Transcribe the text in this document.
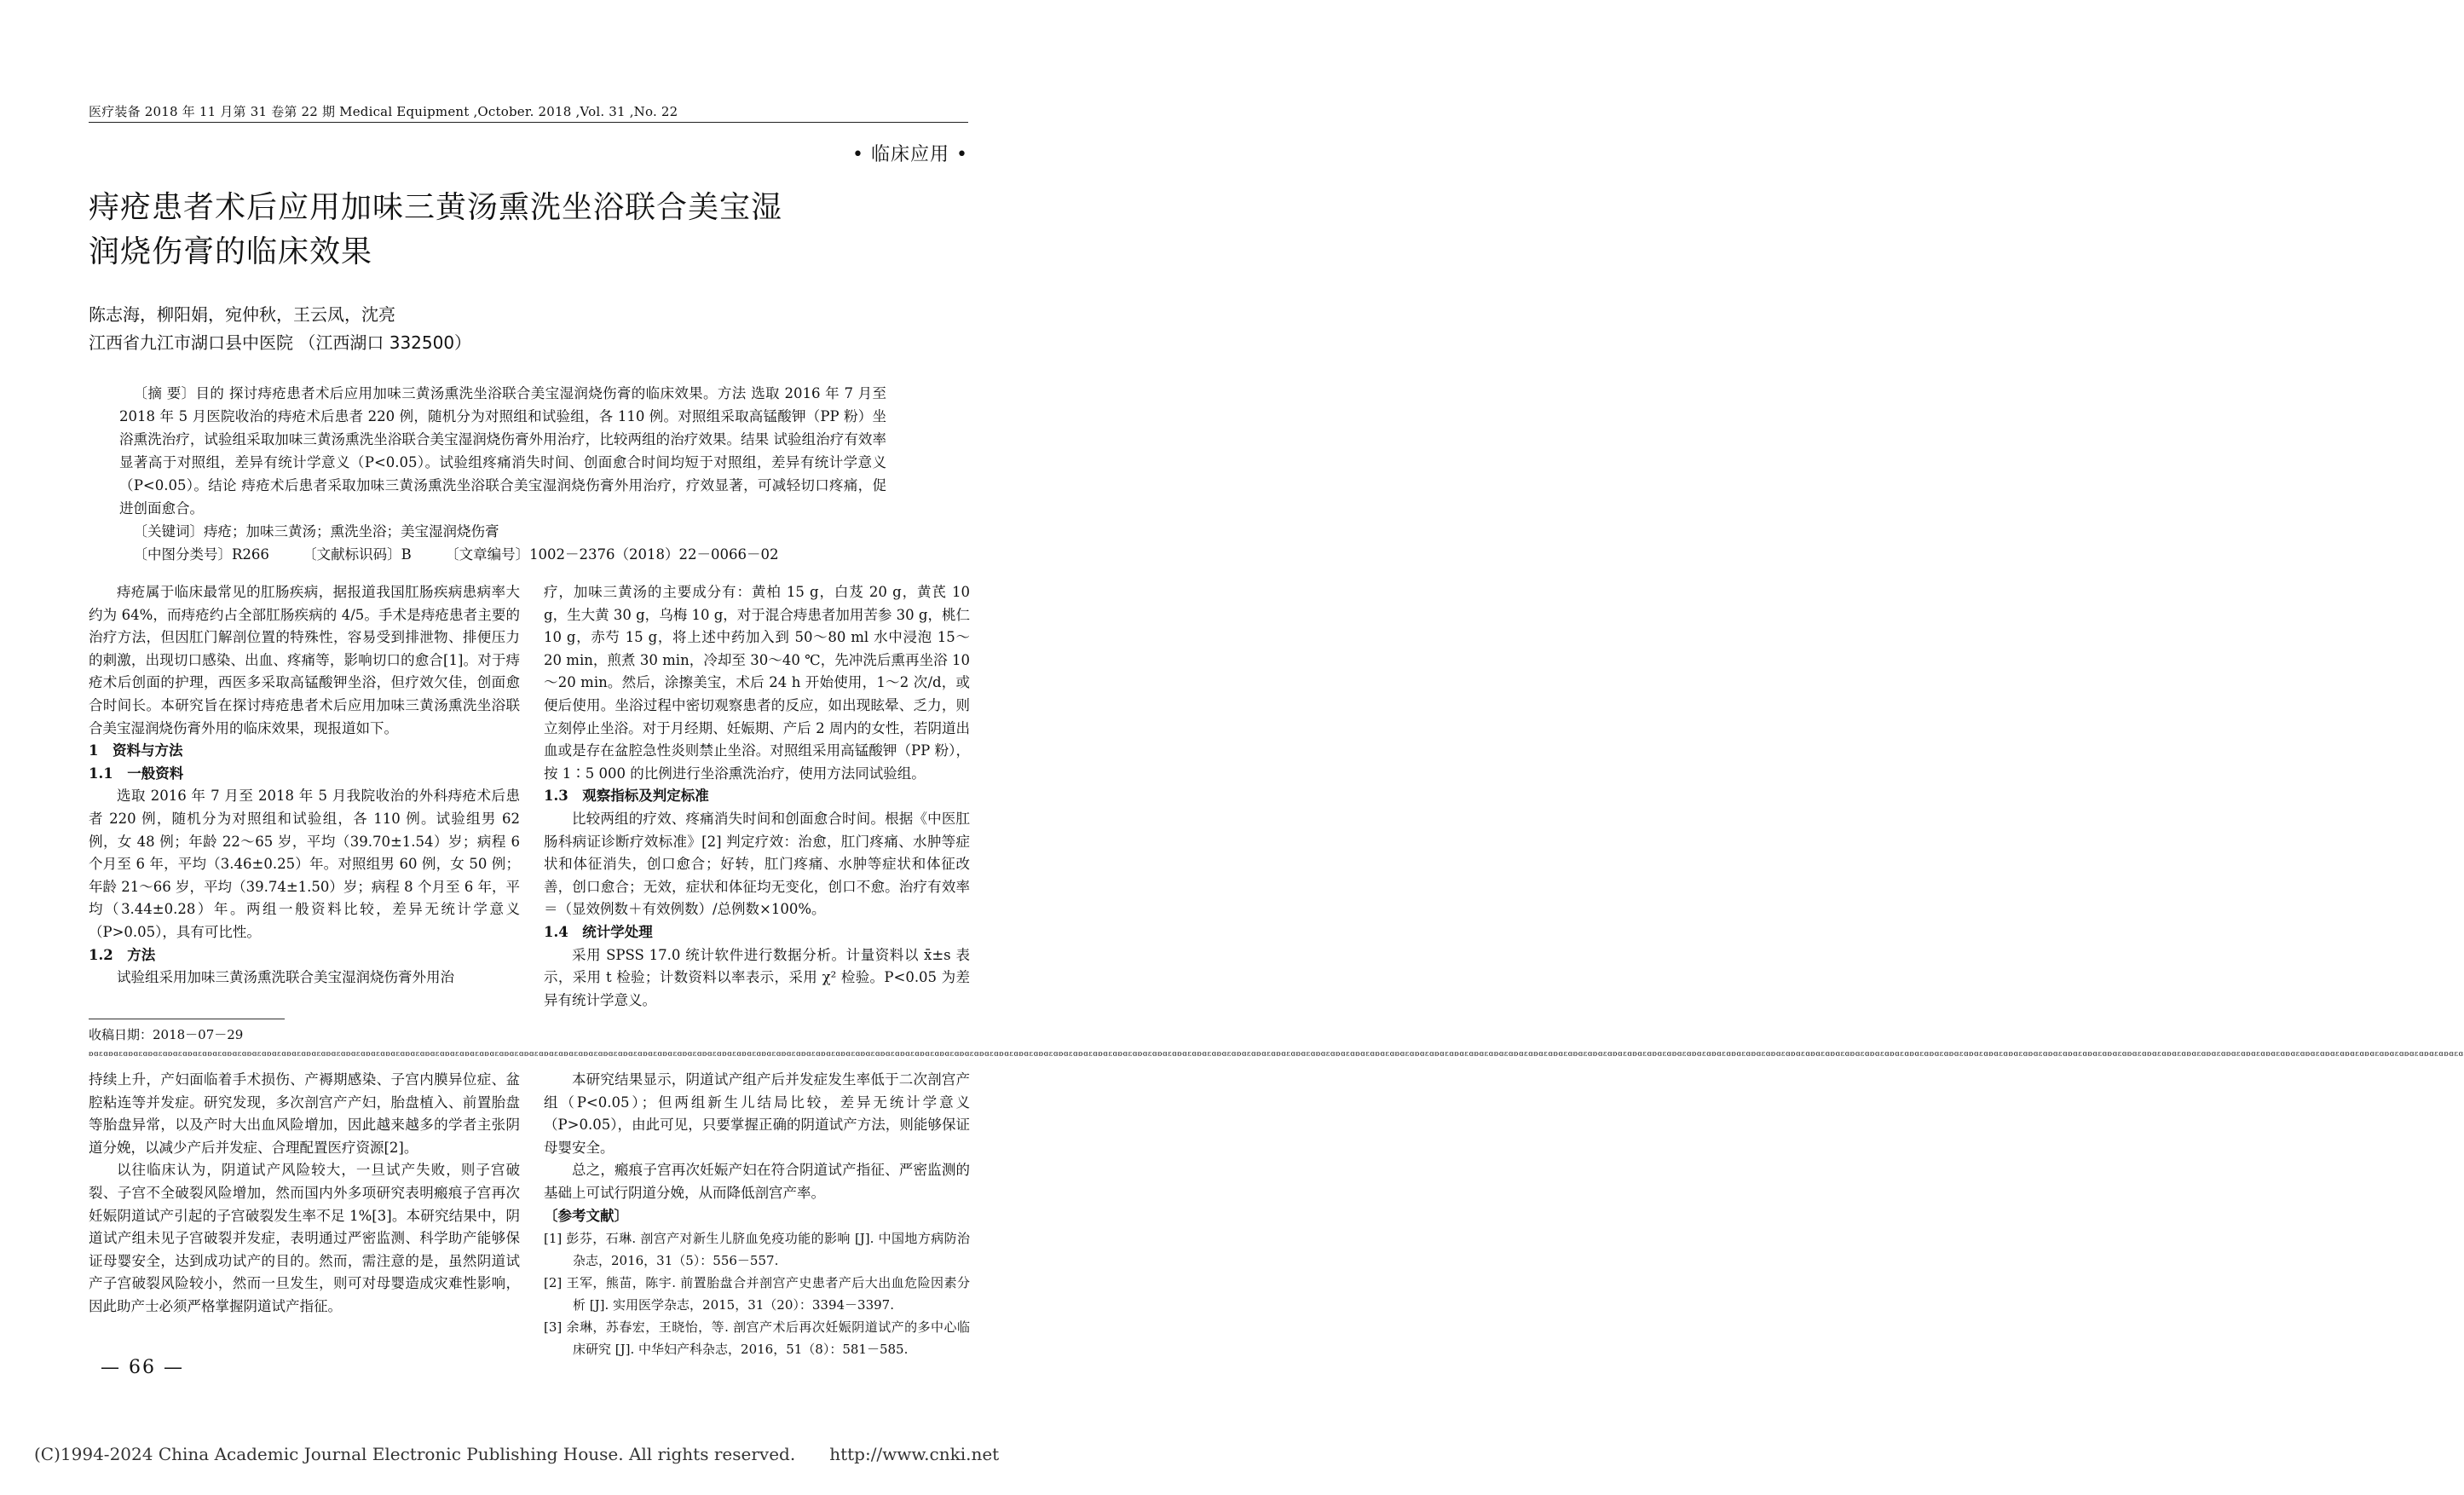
医疗装备 2018 年 11 月第 31 卷第 22 期 Medical Equipment ,October. 2018 ,Vol. 31 ,No. 22
• 临床应用 •
痔疮患者术后应用加味三黄汤熏洗坐浴联合美宝湿
润烧伤膏的临床效果
陈志海，柳阳娟，宛仲秋，王云凤，沈亮
江西省九江市湖口县中医院 （江西湖口 332500）

〔摘 要〕目的 探讨痔疮患者术后应用加味三黄汤熏洗坐浴联合美宝湿润烧伤膏的临床效果。方法 选取 2016 年 7 月至 2018 年 5 月医院收治的痔疮术后患者 220 例，随机分为对照组和试验组，各 110 例。对照组采取高锰酸钾（PP 粉）坐浴熏洗治疗，试验组采取加味三黄汤熏洗坐浴联合美宝湿润烧伤膏外用治疗，比较两组的治疗效果。结果 试验组治疗有效率显著高于对照组，差异有统计学意义（P<0.05）。试验组疼痛消失时间、创面愈合时间均短于对照组，差异有统计学意义（P<0.05）。结论 痔疮术后患者采取加味三黄汤熏洗坐浴联合美宝湿润烧伤膏外用治疗，疗效显著，可减轻切口疼痛，促进创面愈合。

〔关键词〕痔疮；加味三黄汤；熏洗坐浴；美宝湿润烧伤膏

〔中图分类号〕R266 〔文献标识码〕B 〔文章编号〕1002－2376（2018）22－0066－02

痔疮属于临床最常见的肛肠疾病，据报道我国肛肠疾病患病率大约为 64%，而痔疮约占全部肛肠疾病的 4/5。手术是痔疮患者主要的治疗方法，但因肛门解剖位置的特殊性，容易受到排泄物、排便压力的刺激，出现切口感染、出血、疼痛等，影响切口的愈合[1]。对于痔疮术后创面的护理，西医多采取高锰酸钾坐浴，但疗效欠佳，创面愈合时间长。本研究旨在探讨痔疮患者术后应用加味三黄汤熏洗坐浴联合美宝湿润烧伤膏外用的临床效果，现报道如下。

1　资料与方法
1.1　一般资料

选取 2016 年 7 月至 2018 年 5 月我院收治的外科痔疮术后患者 220 例，随机分为对照组和试验组，各 110 例。试验组男 62 例，女 48 例；年龄 22～65 岁，平均（39.70±1.54）岁；病程 6 个月至 6 年，平均（3.46±0.25）年。对照组男 60 例，女 50 例；年龄 21～66 岁，平均（39.74±1.50）岁；病程 8 个月至 6 年，平均（3.44±0.28）年。两组一般资料比较，差异无统计学意义（P>0.05），具有可比性。

1.2　方法

试验组采用加味三黄汤熏洗联合美宝湿润烧伤膏外用治

疗，加味三黄汤的主要成分有：黄柏 15 g，白芨 20 g，黄芪 10 g，生大黄 30 g，乌梅 10 g，对于混合痔患者加用苦参 30 g，桃仁 10 g，赤芍 15 g，将上述中药加入到 50～80 ml 水中浸泡 15～20 min，煎煮 30 min，冷却至 30～40 ℃，先冲洗后熏再坐浴 10～20 min。然后，涂擦美宝，术后 24 h 开始使用，1～2 次/d，或便后使用。坐浴过程中密切观察患者的反应，如出现眩晕、乏力，则立刻停止坐浴。对于月经期、妊娠期、产后 2 周内的女性，若阴道出血或是存在盆腔急性炎则禁止坐浴。对照组采用高锰酸钾（PP 粉），按 1∶5 000 的比例进行坐浴熏洗治疗，使用方法同试验组。

1.3　观察指标及判定标准

比较两组的疗效、疼痛消失时间和创面愈合时间。根据《中医肛肠科病证诊断疗效标准》[2] 判定疗效：治愈，肛门疼痛、水肿等症状和体征消失，创口愈合；好转，肛门疼痛、水肿等症状和体征改善，创口愈合；无效，症状和体征均无变化，创口不愈。治疗有效率＝（显效例数＋有效例数）/总例数×100%。

1.4　统计学处理

采用 SPSS 17.0 统计软件进行数据分析。计量资料以 x̄±s 表示，采用 t 检验；计数资料以率表示，采用 χ² 检验。P<0.05 为差异有统计学意义。

收稿日期：2018－07－29
ʚɞɛɞʚɞɛɞʚɞɛɞʚɞɛɞʚɞɛɞʚɞɛɞʚɞɛɞʚɞɛɞʚɞɛɞʚɞɛɞʚɞɛɞʚɞɛɞʚɞɛɞʚɞɛɞʚɞɛɞʚɞɛɞʚɞɛɞʚɞɛɞʚɞɛɞʚɞɛɞʚɞɛɞʚɞɛɞʚɞɛɞʚɞɛɞʚɞɛɞʚɞɛɞʚɞɛɞʚɞɛɞʚɞɛɞʚɞɛɞʚɞɛɞʚɞɛɞʚɞɛɞʚɞɛɞʚɞɛɞʚɞɛɞʚɞɛɞʚɞɛɞʚɞɛɞʚɞɛɞʚɞɛɞʚɞɛɞʚɞɛɞʚɞɛɞʚɞɛɞʚɞɛɞʚɞɛɞʚɞɛɞʚɞɛɞʚɞɛɞʚɞɛɞʚɞɛɞʚɞɛɞʚɞɛɞʚɞɛɞʚɞɛɞʚɞɛɞʚɞɛɞʚɞɛɞʚɞɛɞʚɞɛɞʚɞɛɞʚɞɛɞʚɞɛɞʚɞɛɞʚɞɛɞʚɞɛɞʚɞɛɞʚɞɛɞʚɞɛɞʚɞɛɞʚɞɛɞʚɞɛɞʚɞɛɞʚɞɛɞʚɞɛɞʚɞɛɞʚɞɛɞʚɞɛɞʚɞɛɞʚɞɛɞʚɞɛɞʚɞɛɞʚɞɛɞʚɞɛɞʚɞɛɞʚɞɛɞʚɞɛɞʚɞɛɞʚɞɛɞʚɞɛɞʚɞɛɞʚɞɛɞʚɞɛɞʚɞɛɞʚɞɛɞʚɞɛɞʚɞɛɞʚɞɛɞʚɞɛɞʚɞɛɞʚɞɛɞʚɞɛɞʚɞɛɞʚɞɛɞʚɞɛɞʚɞɛɞʚɞɛɞʚɞɛɞʚɞɛɞʚɞɛɞʚɞɛɞʚɞɛɞʚɞɛɞʚɞɛɞʚɞɛɞʚɞɛɞʚɞɛɞʚɞɛɞʚɞɛɞ

持续上升，产妇面临着手术损伤、产褥期感染、子宫内膜异位症、盆腔粘连等并发症。研究发现，多次剖宫产产妇，胎盘植入、前置胎盘等胎盘异常，以及产时大出血风险增加，因此越来越多的学者主张阴道分娩，以减少产后并发症、合理配置医疗资源[2]。

以往临床认为，阴道试产风险较大，一旦试产失败，则子宫破裂、子宫不全破裂风险增加，然而国内外多项研究表明瘢痕子宫再次妊娠阴道试产引起的子宫破裂发生率不足 1%[3]。本研究结果中，阴道试产组未见子宫破裂并发症，表明通过严密监测、科学助产能够保证母婴安全，达到成功试产的目的。然而，需注意的是，虽然阴道试产子宫破裂风险较小，然而一旦发生，则可对母婴造成灾难性影响，因此助产士必须严格掌握阴道试产指征。

本研究结果显示，阴道试产组产后并发症发生率低于二次剖宫产组（P<0.05）；但两组新生儿结局比较，差异无统计学意义（P>0.05），由此可见，只要掌握正确的阴道试产方法，则能够保证母婴安全。

总之，瘢痕子宫再次妊娠产妇在符合阴道试产指征、严密监测的基础上可试行阴道分娩，从而降低剖宫产率。

〔参考文献〕

[1] 彭芬，石琳. 剖宫产对新生儿脐血免疫功能的影响 [J]. 中国地方病防治杂志，2016，31（5）：556－557.

[2] 王军，熊苗，陈宇. 前置胎盘合并剖宫产史患者产后大出血危险因素分析 [J]. 实用医学杂志，2015，31（20）：3394－3397.

[3] 余琳，苏春宏，王晓怡，等. 剖宫产术后再次妊娠阴道试产的多中心临床研究 [J]. 中华妇产科杂志，2016，51（8）：581－585.

— 66 —
(C)1994-2024 China Academic Journal Electronic Publishing House. All rights reserved.　　http://www.cnki.net
